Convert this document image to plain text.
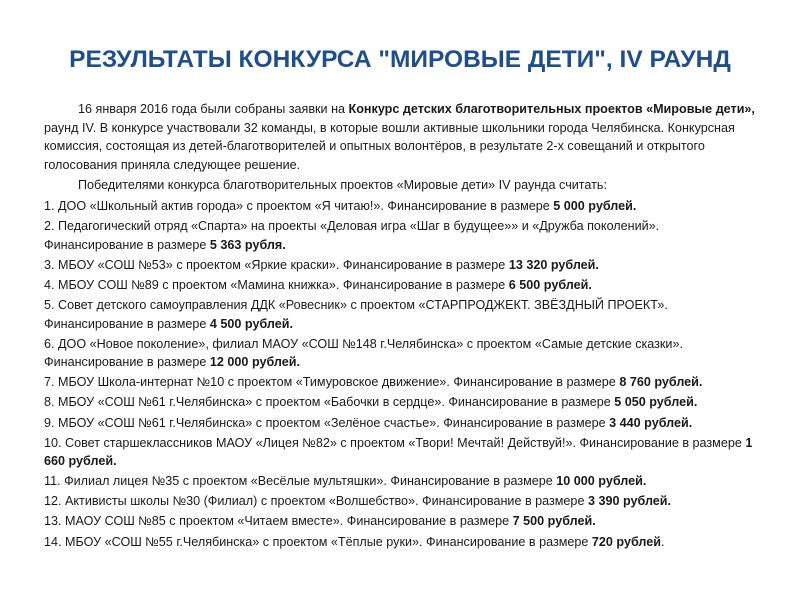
РЕЗУЛЬТАТЫ КОНКУРСА "МИРОВЫЕ ДЕТИ", IV РАУНД

16 января 2016 года были собраны заявки на Конкурс детских благотворительных проектов «Мировые дети», раунд IV. В конкурсе участвовали 32 команды, в которые вошли активные школьники города Челябинска. Конкурсная комиссия, состоящая из детей-благотворителей и опытных волонтёров, в результате 2-х совещаний и открытого голосования приняла следующее решение.

Победителями конкурса благотворительных проектов «Мировые дети» IV раунда считать:

1. ДОО «Школьный актив города» с проектом «Я читаю!». Финансирование в размере 5 000 рублей.

2. Педагогический отряд «Спарта» на проекты «Деловая игра «Шаг в будущее»» и «Дружба поколений». Финансирование в размере 5 363 рубля.

3. МБОУ «СОШ №53» с проектом «Яркие краски». Финансирование в размере 13 320 рублей.

4. МБОУ СОШ №89 с проектом «Мамина книжка». Финансирование в размере 6 500 рублей.

5. Совет детского самоуправления ДДК «Ровесник» с проектом «СТАРПРОДЖЕКТ. ЗВЁЗДНЫЙ ПРОЕКТ». Финансирование в размере 4 500 рублей.

6. ДОО «Новое поколение», филиал МАОУ «СОШ №148 г.Челябинска» с проектом «Самые детские сказки». Финансирование в размере 12 000 рублей.

7. МБОУ Школа-интернат №10 с проектом «Тимуровское движение». Финансирование в размере 8 760 рублей.

8. МБОУ «СОШ №61 г.Челябинска» с проектом «Бабочки в сердце». Финансирование в размере 5 050 рублей.

9. МБОУ «СОШ №61 г.Челябинска» с проектом «Зелёное счастье». Финансирование в размере 3 440 рублей.

10. Совет старшеклассников МАОУ «Лицея №82» с проектом «Твори! Мечтай! Действуй!». Финансирование в размере 1 660 рублей.

11. Филиал лицея №35 с проектом «Весёлые мультяшки». Финансирование в размере 10 000 рублей.

12. Активисты школы №30 (Филиал) с проектом «Волшебство». Финансирование в размере 3 390 рублей.

13. МАОУ СОШ №85 с проектом «Читаем вместе». Финансирование в размере 7 500 рублей.

14. МБОУ «СОШ №55 г.Челябинска» с проектом «Тёплые руки». Финансирование в размере 720 рублей.
